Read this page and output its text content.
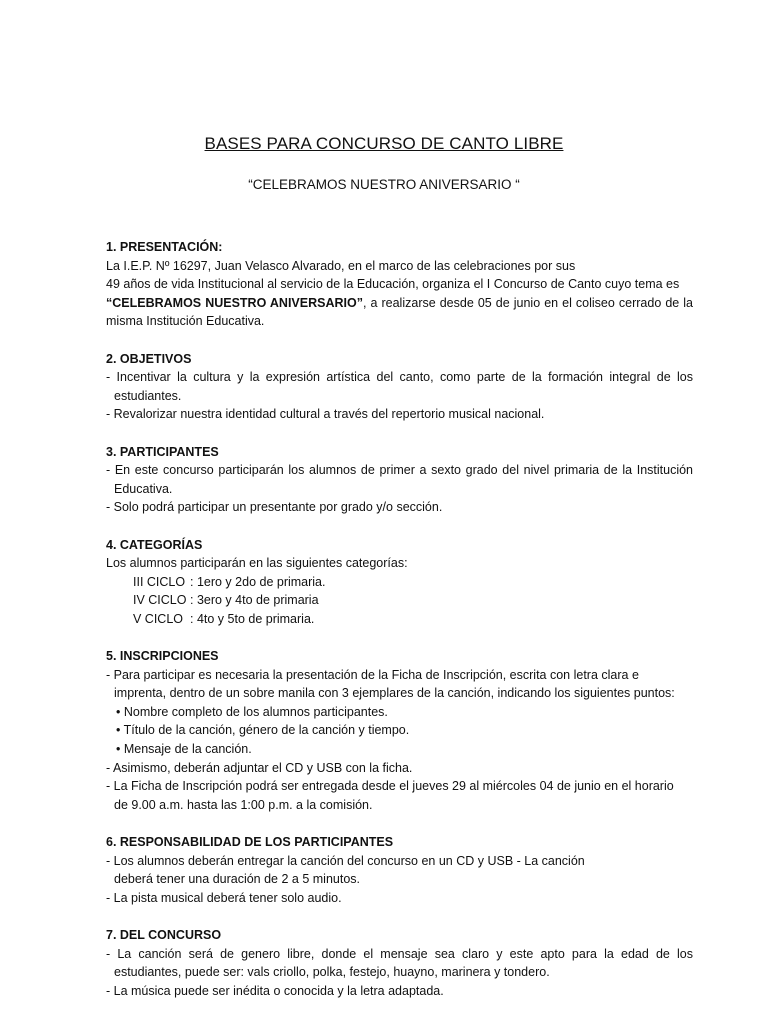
BASES PARA CONCURSO DE CANTO LIBRE
“CELEBRAMOS NUESTRO ANIVERSARIO “
1. PRESENTACIÓN:
La I.E.P. Nº 16297, Juan Velasco Alvarado, en el marco de las celebraciones por sus
49 años de vida Institucional al servicio de la Educación, organiza el I Concurso de Canto cuyo tema es
“CELEBRAMOS NUESTRO ANIVERSARIO”, a realizarse desde 05 de junio en el coliseo cerrado de la misma Institución Educativa.
2. OBJETIVOS
- Incentivar la cultura y la expresión artística del canto, como parte de la formación integral de los estudiantes.
- Revalorizar nuestra identidad cultural a través del repertorio musical nacional.
3. PARTICIPANTES
- En este concurso participarán los alumnos de primer a sexto grado del nivel primaria de la Institución Educativa.
- Solo podrá participar un presentante por grado y/o sección.
4. CATEGORÍAS
Los alumnos participarán en las siguientes categorías:
III CICLO : 1ero y 2do de primaria.
IV CICLO : 3ero y 4to de primaria
V CICLO : 4to y 5to de primaria.
5. INSCRIPCIONES
- Para participar es necesaria la presentación de la Ficha de Inscripción, escrita con letra clara e
imprenta, dentro de un sobre manila con 3 ejemplares de la canción, indicando los siguientes puntos:
• Nombre completo de los alumnos participantes.
• Título de la canción, género de la canción y tiempo.
• Mensaje de la canción.
- Asimismo, deberán adjuntar el CD y USB con la ficha.
- La Ficha de Inscripción podrá ser entregada desde el jueves 29 al miércoles 04 de junio en el horario
de 9.00 a.m. hasta las 1:00 p.m. a la comisión.
6. RESPONSABILIDAD DE LOS PARTICIPANTES
- Los alumnos deberán entregar la canción del concurso en un CD y USB - La canción
deberá tener una duración de 2 a 5 minutos.
- La pista musical deberá tener solo audio.
7. DEL CONCURSO
- La canción será de genero libre, donde el mensaje sea claro y este apto para la edad de los estudiantes, puede ser: vals criollo, polka, festejo, huayno, marinera y tondero.
- La música puede ser inédita o conocida y la letra adaptada.
